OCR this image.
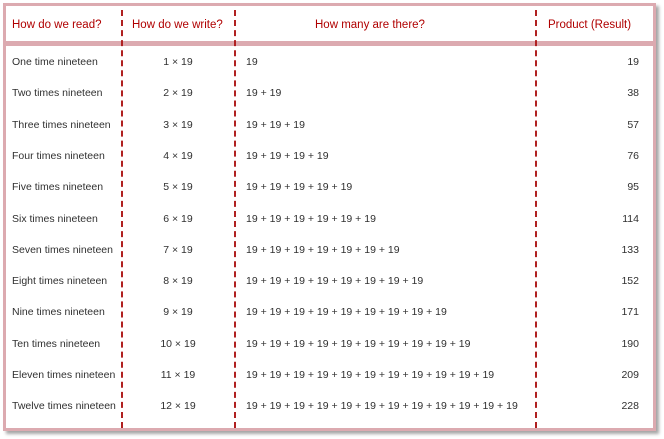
How do we read?	How do we write?	How many are there?	Product (Result)
One time nineteen	1 × 19	19	19
Two times nineteen	2 × 19	19 + 19	38
Three times nineteen	3 × 19	19 + 19 + 19	57
Four times nineteen	4 × 19	19 + 19 + 19 + 19	76
Five times nineteen	5 × 19	19 + 19 + 19 + 19 + 19	95
Six times nineteen	6 × 19	19 + 19 + 19 + 19 + 19 + 19	114
Seven times nineteen	7 × 19	19 + 19 + 19 + 19 + 19 + 19 + 19	133
Eight times nineteen	8 × 19	19 + 19 + 19 + 19 + 19 + 19 + 19 + 19	152
Nine times nineteen	9 × 19	19 + 19 + 19 + 19 + 19 + 19 + 19 + 19 + 19	171
Ten times nineteen	10 × 19	19 + 19 + 19 + 19 + 19 + 19 + 19 + 19 + 19 + 19	190
Eleven times nineteen	11 × 19	19 + 19 + 19 + 19 + 19 + 19 + 19 + 19 + 19 + 19 + 19	209
Twelve times nineteen	12 × 19	19 + 19 + 19 + 19 + 19 + 19 + 19 + 19 + 19 + 19 + 19 + 19	228
